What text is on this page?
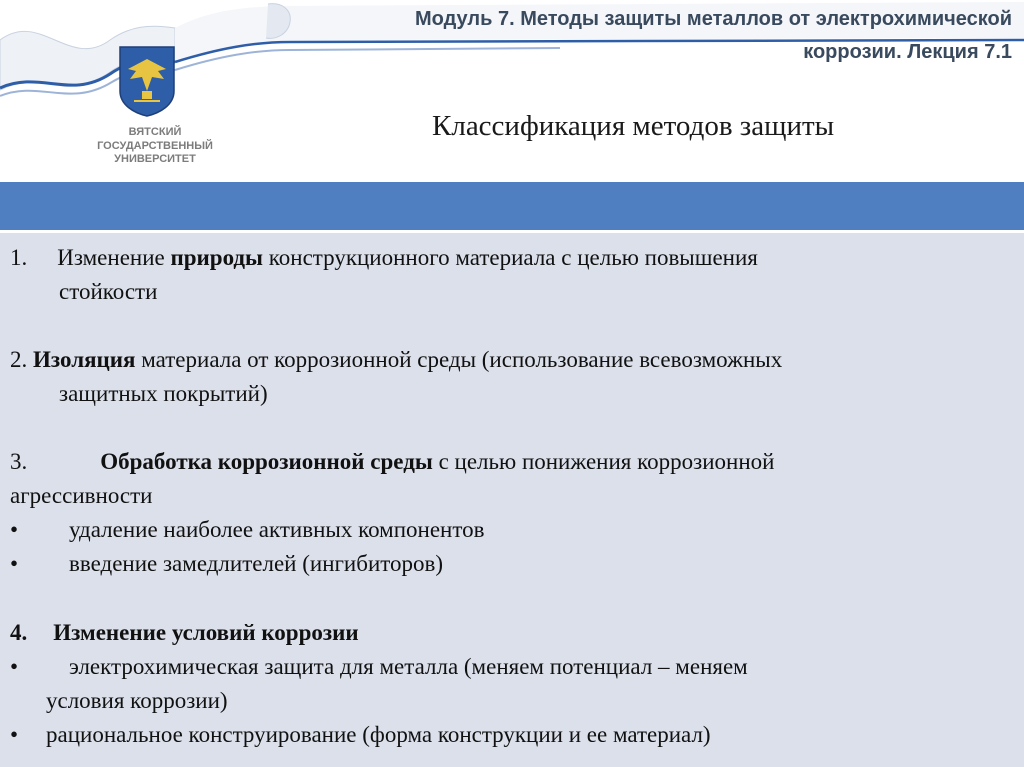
Модуль 7. Методы защиты металлов от электрохимической
коррозии. Лекция 7.1
ВЯТСКИЙ
ГОСУДАРСТВЕННЫЙ
УНИВЕРСИТЕТ
Классификация методов защиты
1. Изменение природы конструкционного материала с целью повышения
стойкости
2. Изоляция материала от коррозионной среды (использование всевозможных
защитных покрытий)
3.	Обработка коррозионной среды с целью понижения коррозионной
агрессивности
•	удаление наиболее активных компонентов
•	введение замедлителей (ингибиторов)
4. Изменение условий коррозии
•	электрохимическая защита для металла (меняем потенциал – меняем
условия коррозии)
•	рациональное конструирование (форма конструкции и ее материал)
